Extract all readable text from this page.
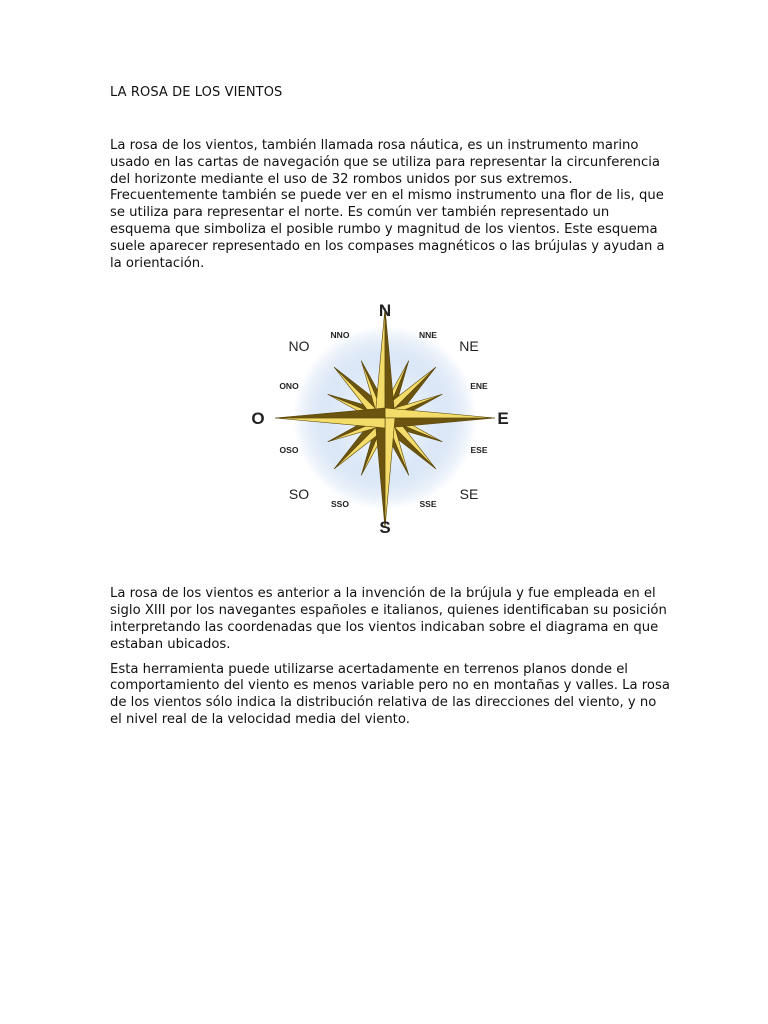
LA ROSA DE LOS VIENTOS

La rosa de los vientos, también llamada rosa náutica, es un instrumento marino usado en las cartas de navegación que se utiliza para representar la circunferencia del horizonte mediante el uso de 32 rombos unidos por sus extremos. Frecuentemente también se puede ver en el mismo instrumento una flor de lis, que se utiliza para representar el norte. Es común ver también representado un esquema que simboliza el posible rumbo y magnitud de los vientos. Este esquema suele aparecer representado en los compases magnéticos o las brújulas y ayudan a la orientación.

N
S
E
O
NE
NO
SE
SO
NNE
NNO
ENE
ONO
ESE
OSO
SSE
SSO

La rosa de los vientos es anterior a la invención de la brújula y fue empleada en el siglo XIII por los navegantes españoles e italianos, quienes identificaban su posición interpretando las coordenadas que los vientos indicaban sobre el diagrama en que estaban ubicados.

Esta herramienta puede utilizarse acertadamente en terrenos planos donde el comportamiento del viento es menos variable pero no en montañas y valles. La rosa de los vientos sólo indica la distribución relativa de las direcciones del viento, y no el nivel real de la velocidad media del viento.
